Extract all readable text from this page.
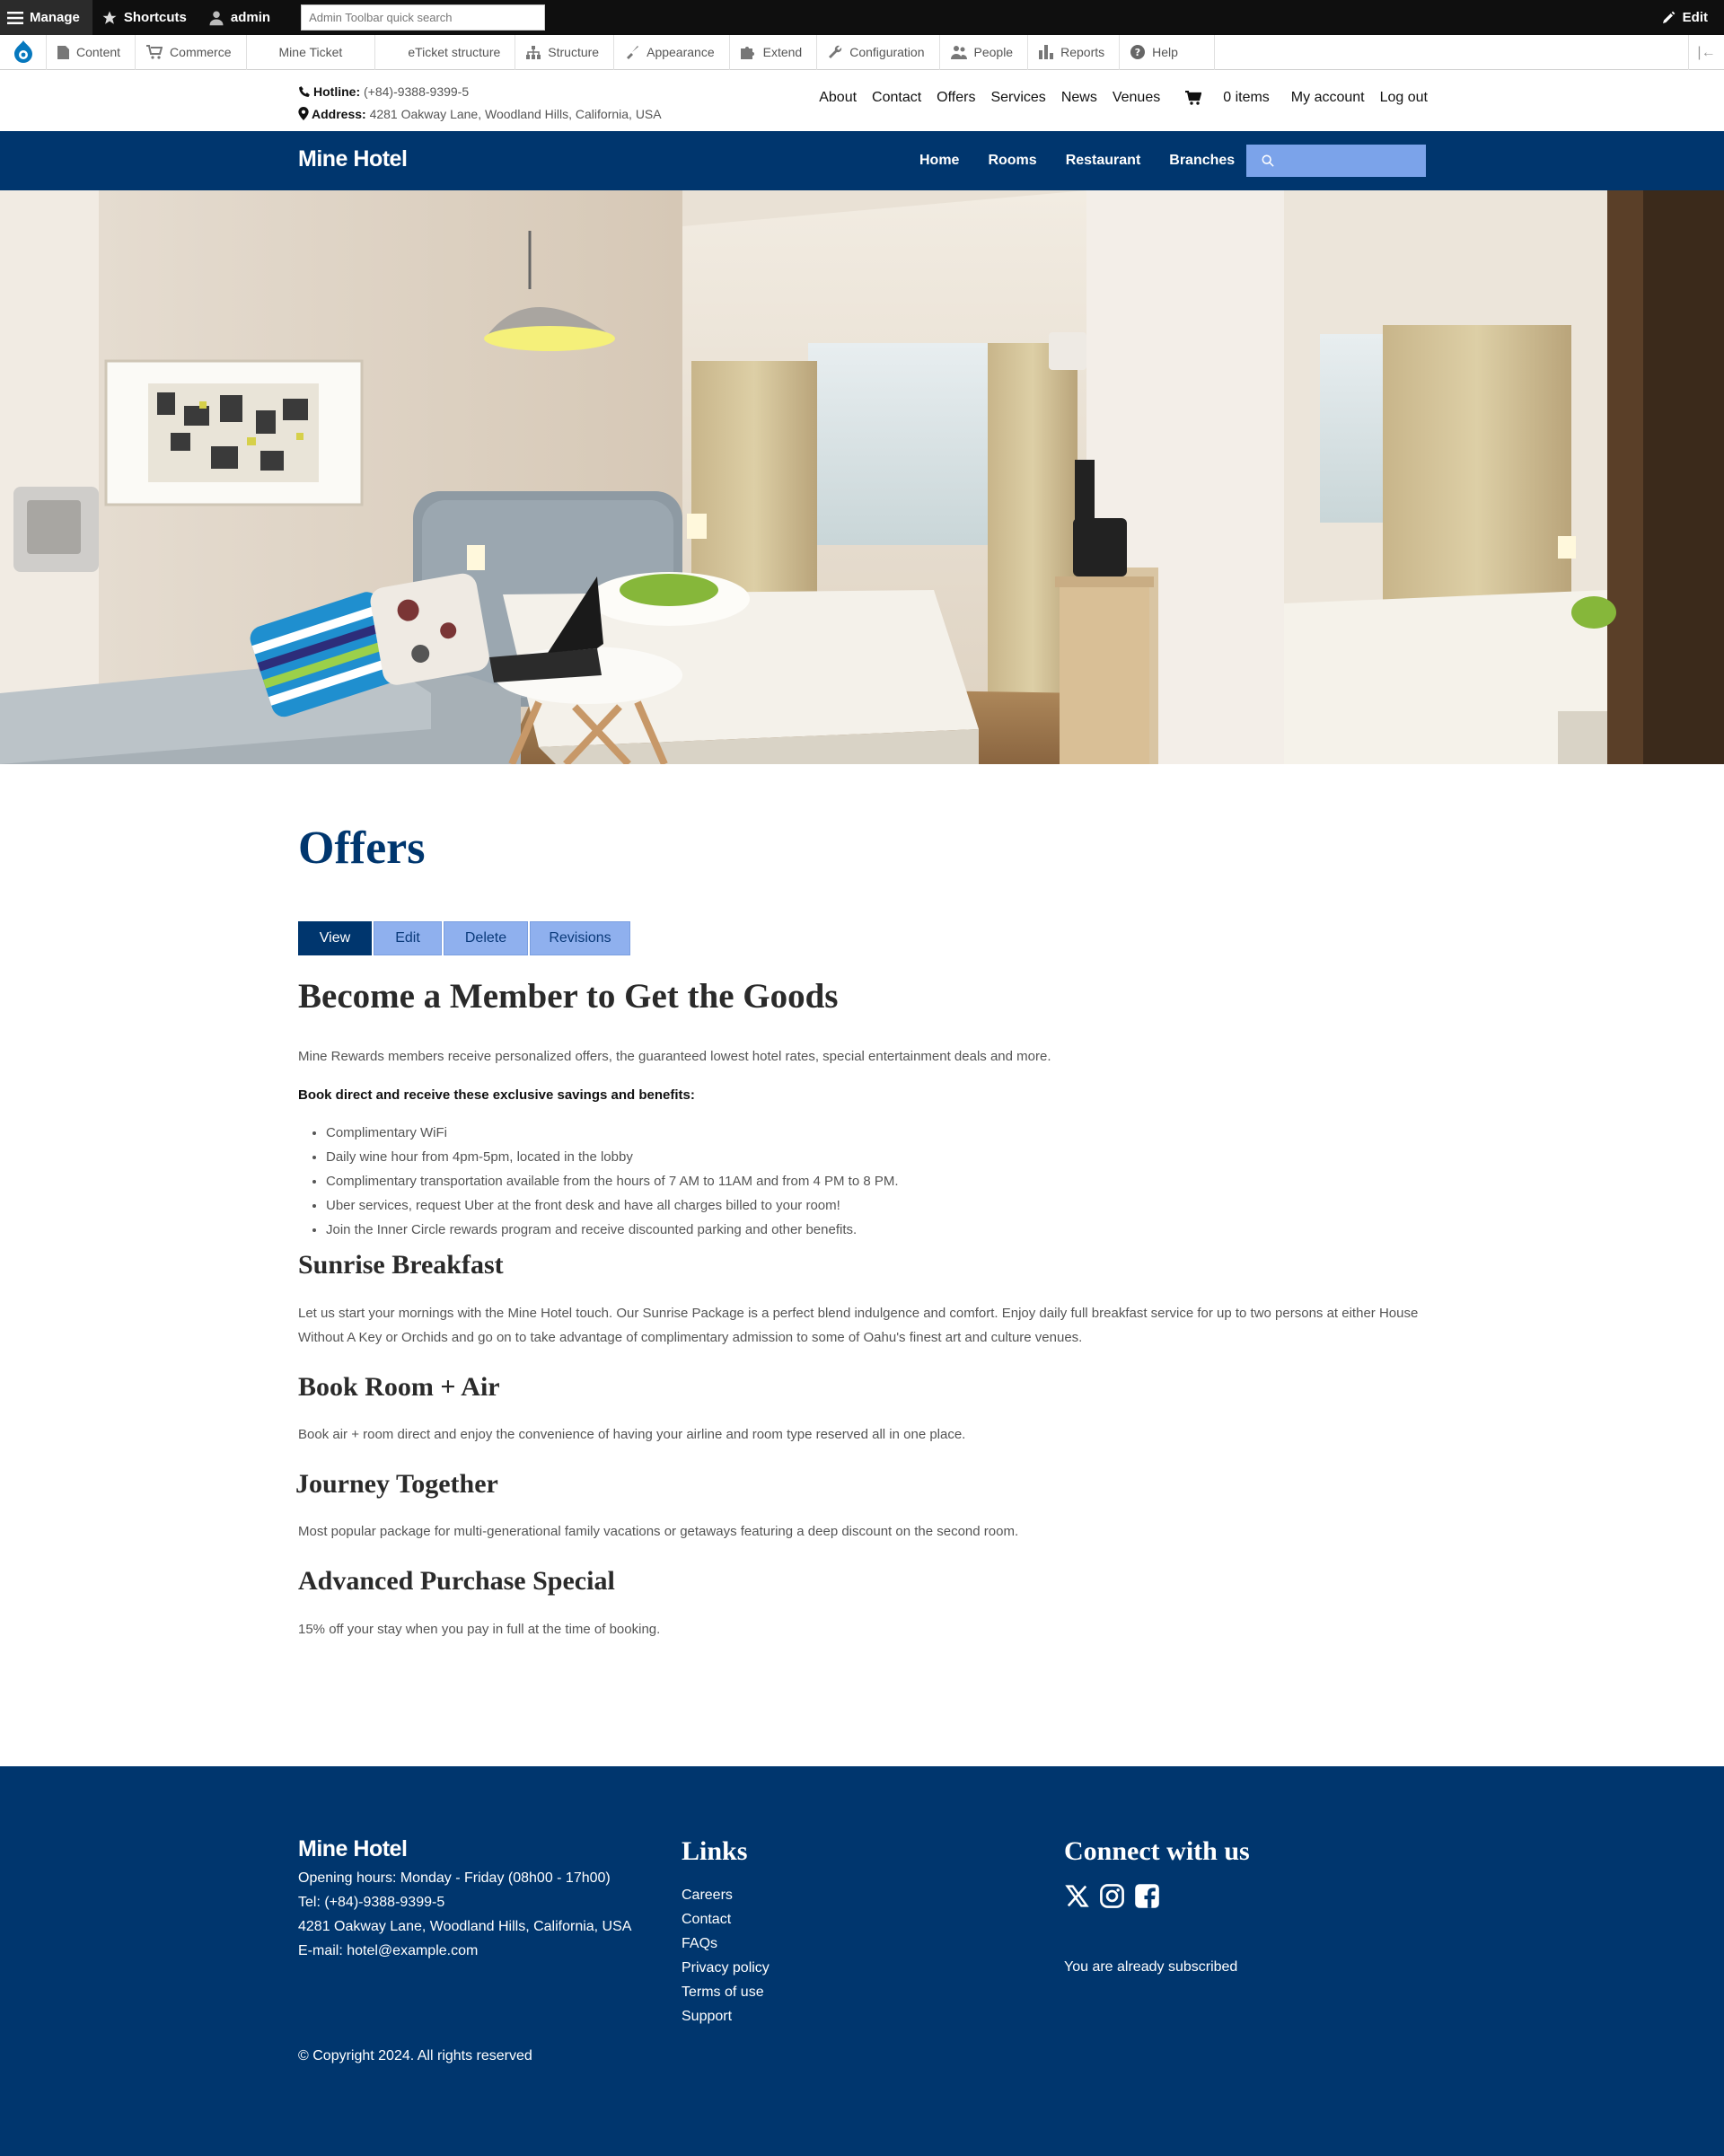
Manage	Shortcuts	admin	Admin Toolbar quick search	Edit
Content	Commerce	Mine Ticket	eTicket structure	Structure	Appearance	Extend	Configuration	People	Reports	? Help	|←
Hotline: (+84)-9388-9399-5
Address: 4281 Oakway Lane, Woodland Hills, California, USA
About Contact Offers Services News Venues	0 items My account Log out
Mine Hotel	Home Rooms Restaurant Branches
Offers
View	Edit	Delete	Revisions
Become a Member to Get the Goods

Mine Rewards members receive personalized offers, the guaranteed lowest hotel rates, special entertainment deals and more.

Book direct and receive these exclusive savings and benefits:

• Complimentary WiFi
• Daily wine hour from 4pm-5pm, located in the lobby
• Complimentary transportation available from the hours of 7 AM to 11AM and from 4 PM to 8 PM.
• Uber services, request Uber at the front desk and have all charges billed to your room!
• Join the Inner Circle rewards program and receive discounted parking and other benefits.
Sunrise Breakfast

Let us start your mornings with the Mine Hotel touch. Our Sunrise Package is a perfect blend indulgence and comfort. Enjoy daily full breakfast service for up to two persons at either House Without A Key or Orchids and go on to take advantage of complimentary admission to some of Oahu's finest art and culture venues.

Book Room + Air

Book air + room direct and enjoy the convenience of having your airline and room type reserved all in one place.

Journey Together

Most popular package for multi-generational family vacations or getaways featuring a deep discount on the second room.

Advanced Purchase Special

15% off your stay when you pay in full at the time of booking.

Mine Hotel
Opening hours: Monday - Friday (08h00 - 17h00)
Tel: (+84)-9388-9399-5
4281 Oakway Lane, Woodland Hills, California, USA
E-mail: hotel@example.com
Links
Careers
Contact
FAQs
Privacy policy
Terms of use
Support
Connect with us
You are already subscribed
© Copyright 2024. All rights reserved
